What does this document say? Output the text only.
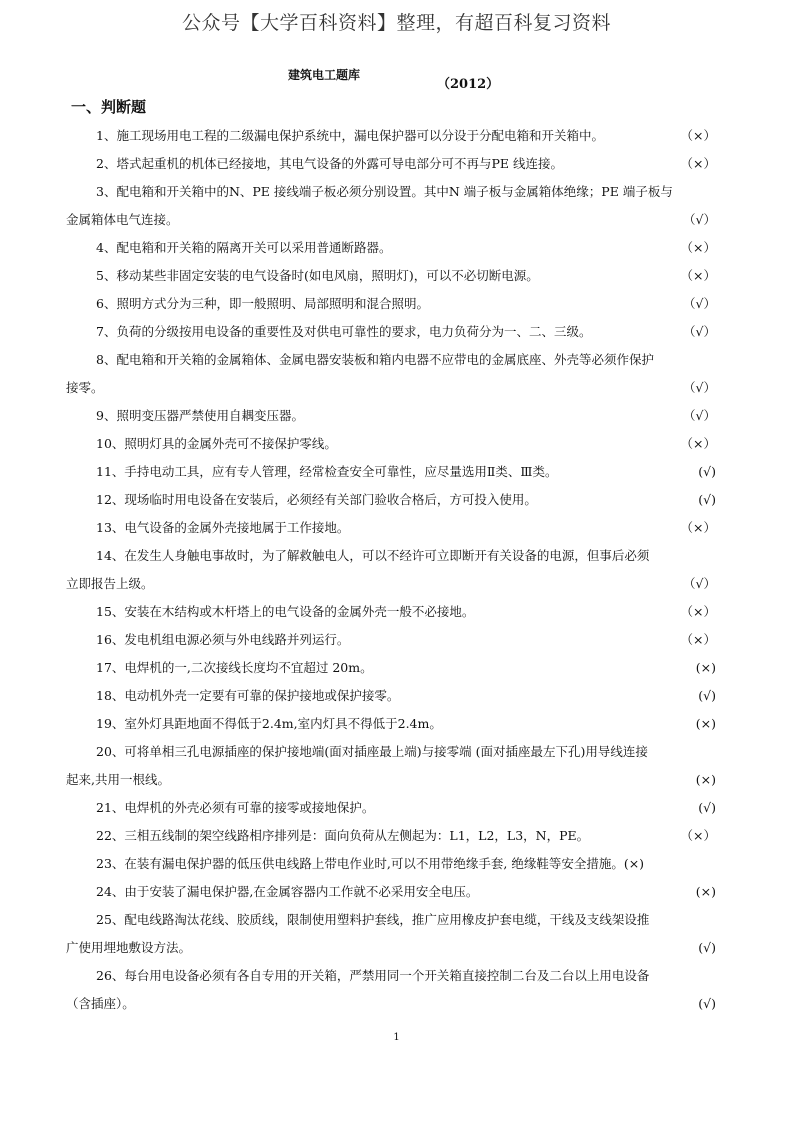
公众号【大学百科资料】整理，有超百科复习资料
建筑电工题库
（2012）
一、判断题
1、施工现场用电工程的二级漏电保护系统中，漏电保护器可以分设于分配电箱和开关箱中。	（×）
2、塔式起重机的机体已经接地，其电气设备的外露可导电部分可不再与PE 线连接。	（×）
3、配电箱和开关箱中的N、PE 接线端子板必须分别设置。其中N 端子板与金属箱体绝缘；PE 端子板与
金属箱体电气连接。	（√）
4、配电箱和开关箱的隔离开关可以采用普通断路器。	（×）
5、移动某些非固定安装的电气设备时(如电风扇，照明灯)，可以不必切断电源。	（×）
6、照明方式分为三种，即一般照明、局部照明和混合照明。	（√）
7、负荷的分级按用电设备的重要性及对供电可靠性的要求，电力负荷分为一、二、三级。	（√）
8、配电箱和开关箱的金属箱体、金属电器安装板和箱内电器不应带电的金属底座、外壳等必须作保护
接零。	（√）
9、照明变压器严禁使用自耦变压器。	（√）
10、照明灯具的金属外壳可不接保护零线。	（×）
11、手持电动工具，应有专人管理，经常检查安全可靠性，应尽量选用Ⅱ类、Ⅲ类。	(√)
12、现场临时用电设备在安装后，必须经有关部门验收合格后，方可投入使用。	(√)
13、电气设备的金属外壳接地属于工作接地。	（×）
14、在发生人身触电事故时，为了解救触电人，可以不经许可立即断开有关设备的电源，但事后必须
立即报告上级。	（√）
15、安装在木结构或木杆塔上的电气设备的金属外壳一般不必接地。	（×）
16、发电机组电源必须与外电线路并列运行。	（×）
17、电焊机的一,二次接线长度均不宜超过 20m。	(×)
18、电动机外壳一定要有可靠的保护接地或保护接零。	(√)
19、室外灯具距地面不得低于2.4m,室内灯具不得低于2.4m。	(×)
20、可将单相三孔电源插座的保护接地端(面对插座最上端)与接零端 (面对插座最左下孔)用导线连接
起来,共用一根线。	(×)
21、电焊机的外壳必须有可靠的接零或接地保护。	(√)
22、三相五线制的架空线路相序排列是：面向负荷从左侧起为：L1，L2，L3，N，PE。	（×）
23、在装有漏电保护器的低压供电线路上带电作业时,可以不用带绝缘手套, 绝缘鞋等安全措施。(×)
24、由于安装了漏电保护器,在金属容器内工作就不必采用安全电压。	(×)
25、配电线路淘汰花线、胶质线，限制使用塑料护套线，推广应用橡皮护套电缆，干线及支线架设推
广使用埋地敷设方法。	(√)
26、每台用电设备必须有各自专用的开关箱，严禁用同一个开关箱直接控制二台及二台以上用电设备
（含插座）。	(√)
1
